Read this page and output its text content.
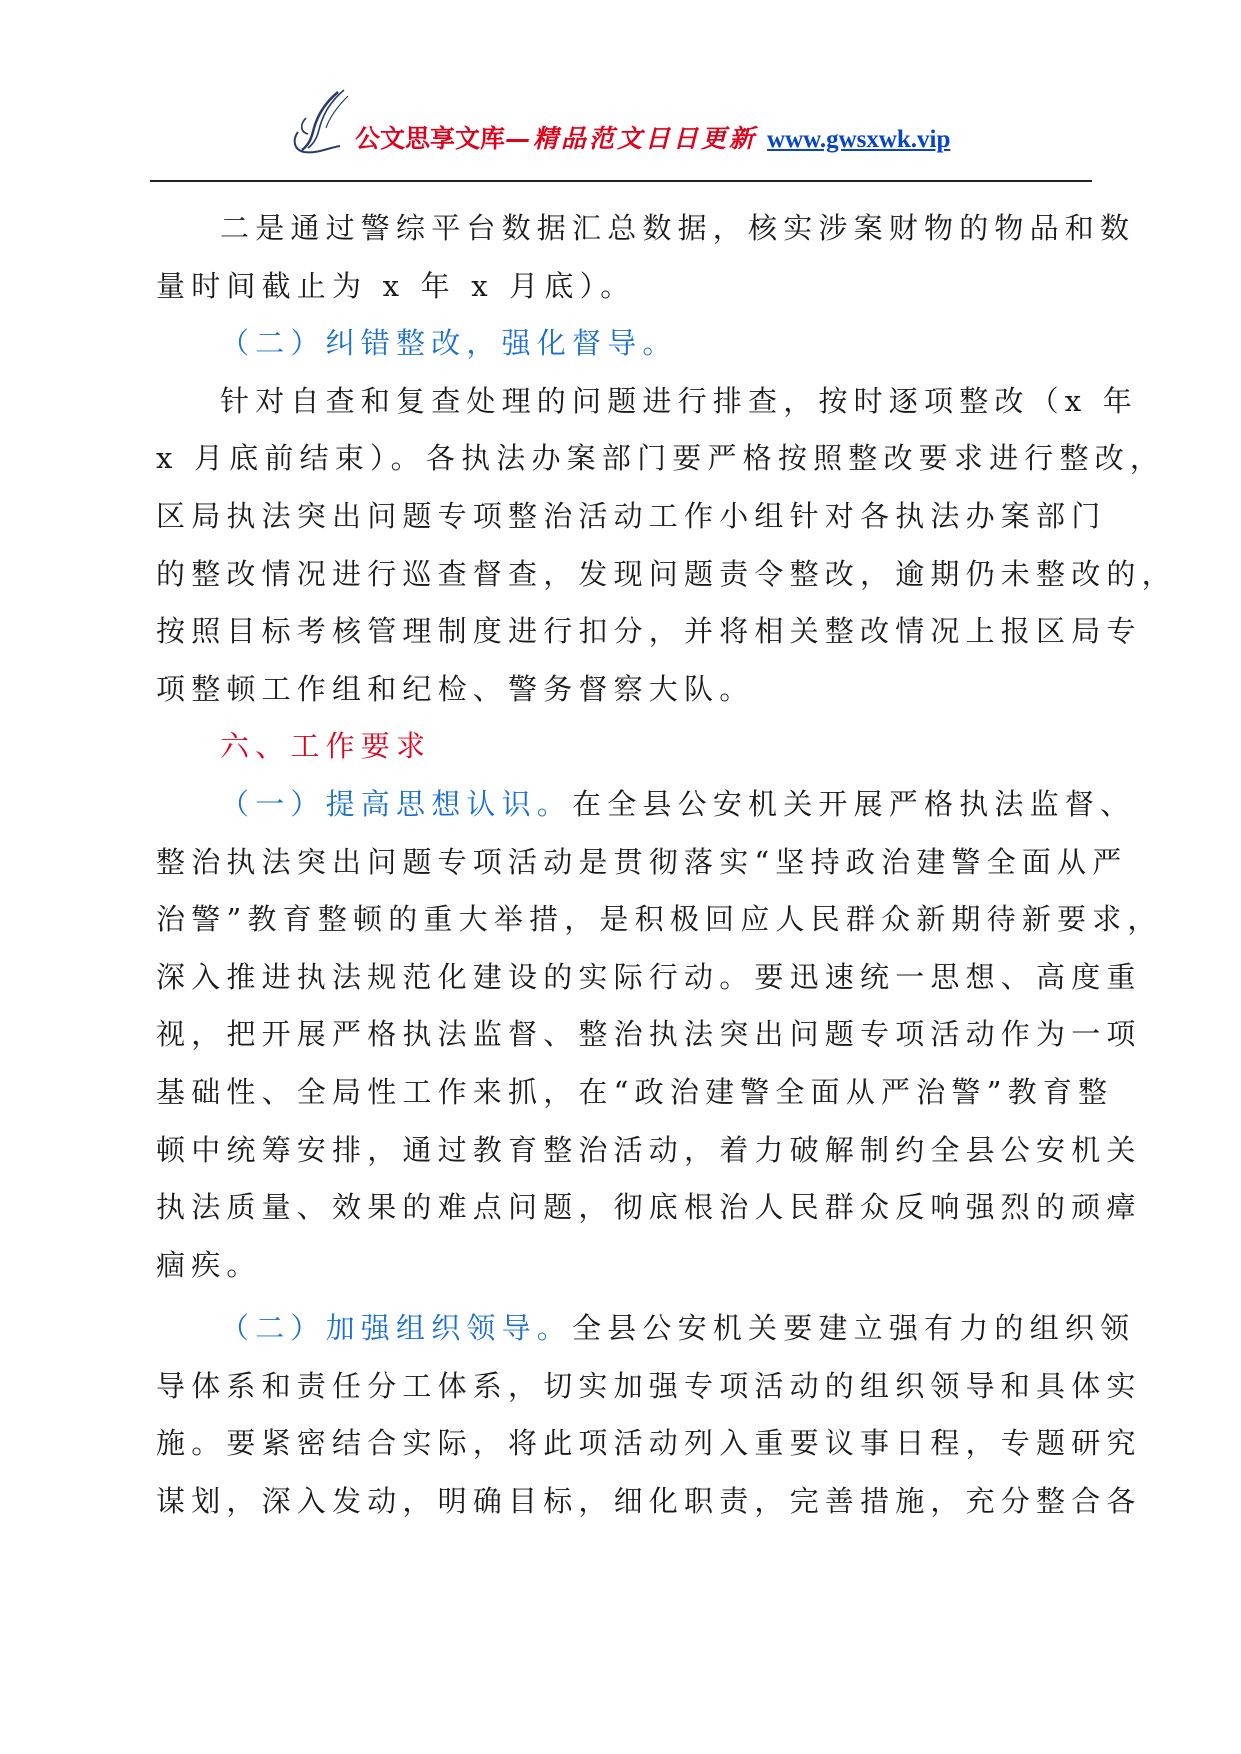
公文思享文库—精品范文日日更新 www.gwsxwk.vip

二是通过警综平台数据汇总数据，核实涉案财物的物品和数
量时间截止为 x 年 x 月底）。

（二）纠错整改，强化督导。

针对自查和复查处理的问题进行排查，按时逐项整改（x 年
x 月底前结束）。各执法办案部门要严格按照整改要求进行整改，
区局执法突出问题专项整治活动工作小组针对各执法办案部门
的整改情况进行巡查督查，发现问题责令整改，逾期仍未整改的，
按照目标考核管理制度进行扣分，并将相关整改情况上报区局专
项整顿工作组和纪检、警务督察大队。

六、工作要求

（一）提高思想认识。在全县公安机关开展严格执法监督、
整治执法突出问题专项活动是贯彻落实“坚持政治建警全面从严
治警”教育整顿的重大举措，是积极回应人民群众新期待新要求，
深入推进执法规范化建设的实际行动。要迅速统一思想、高度重
视，把开展严格执法监督、整治执法突出问题专项活动作为一项
基础性、全局性工作来抓，在“政治建警全面从严治警”教育整
顿中统筹安排，通过教育整治活动，着力破解制约全县公安机关
执法质量、效果的难点问题，彻底根治人民群众反响强烈的顽瘴
痼疾。

（二）加强组织领导。全县公安机关要建立强有力的组织领
导体系和责任分工体系，切实加强专项活动的组织领导和具体实
施。要紧密结合实际，将此项活动列入重要议事日程，专题研究
谋划，深入发动，明确目标，细化职责，完善措施，充分整合各
